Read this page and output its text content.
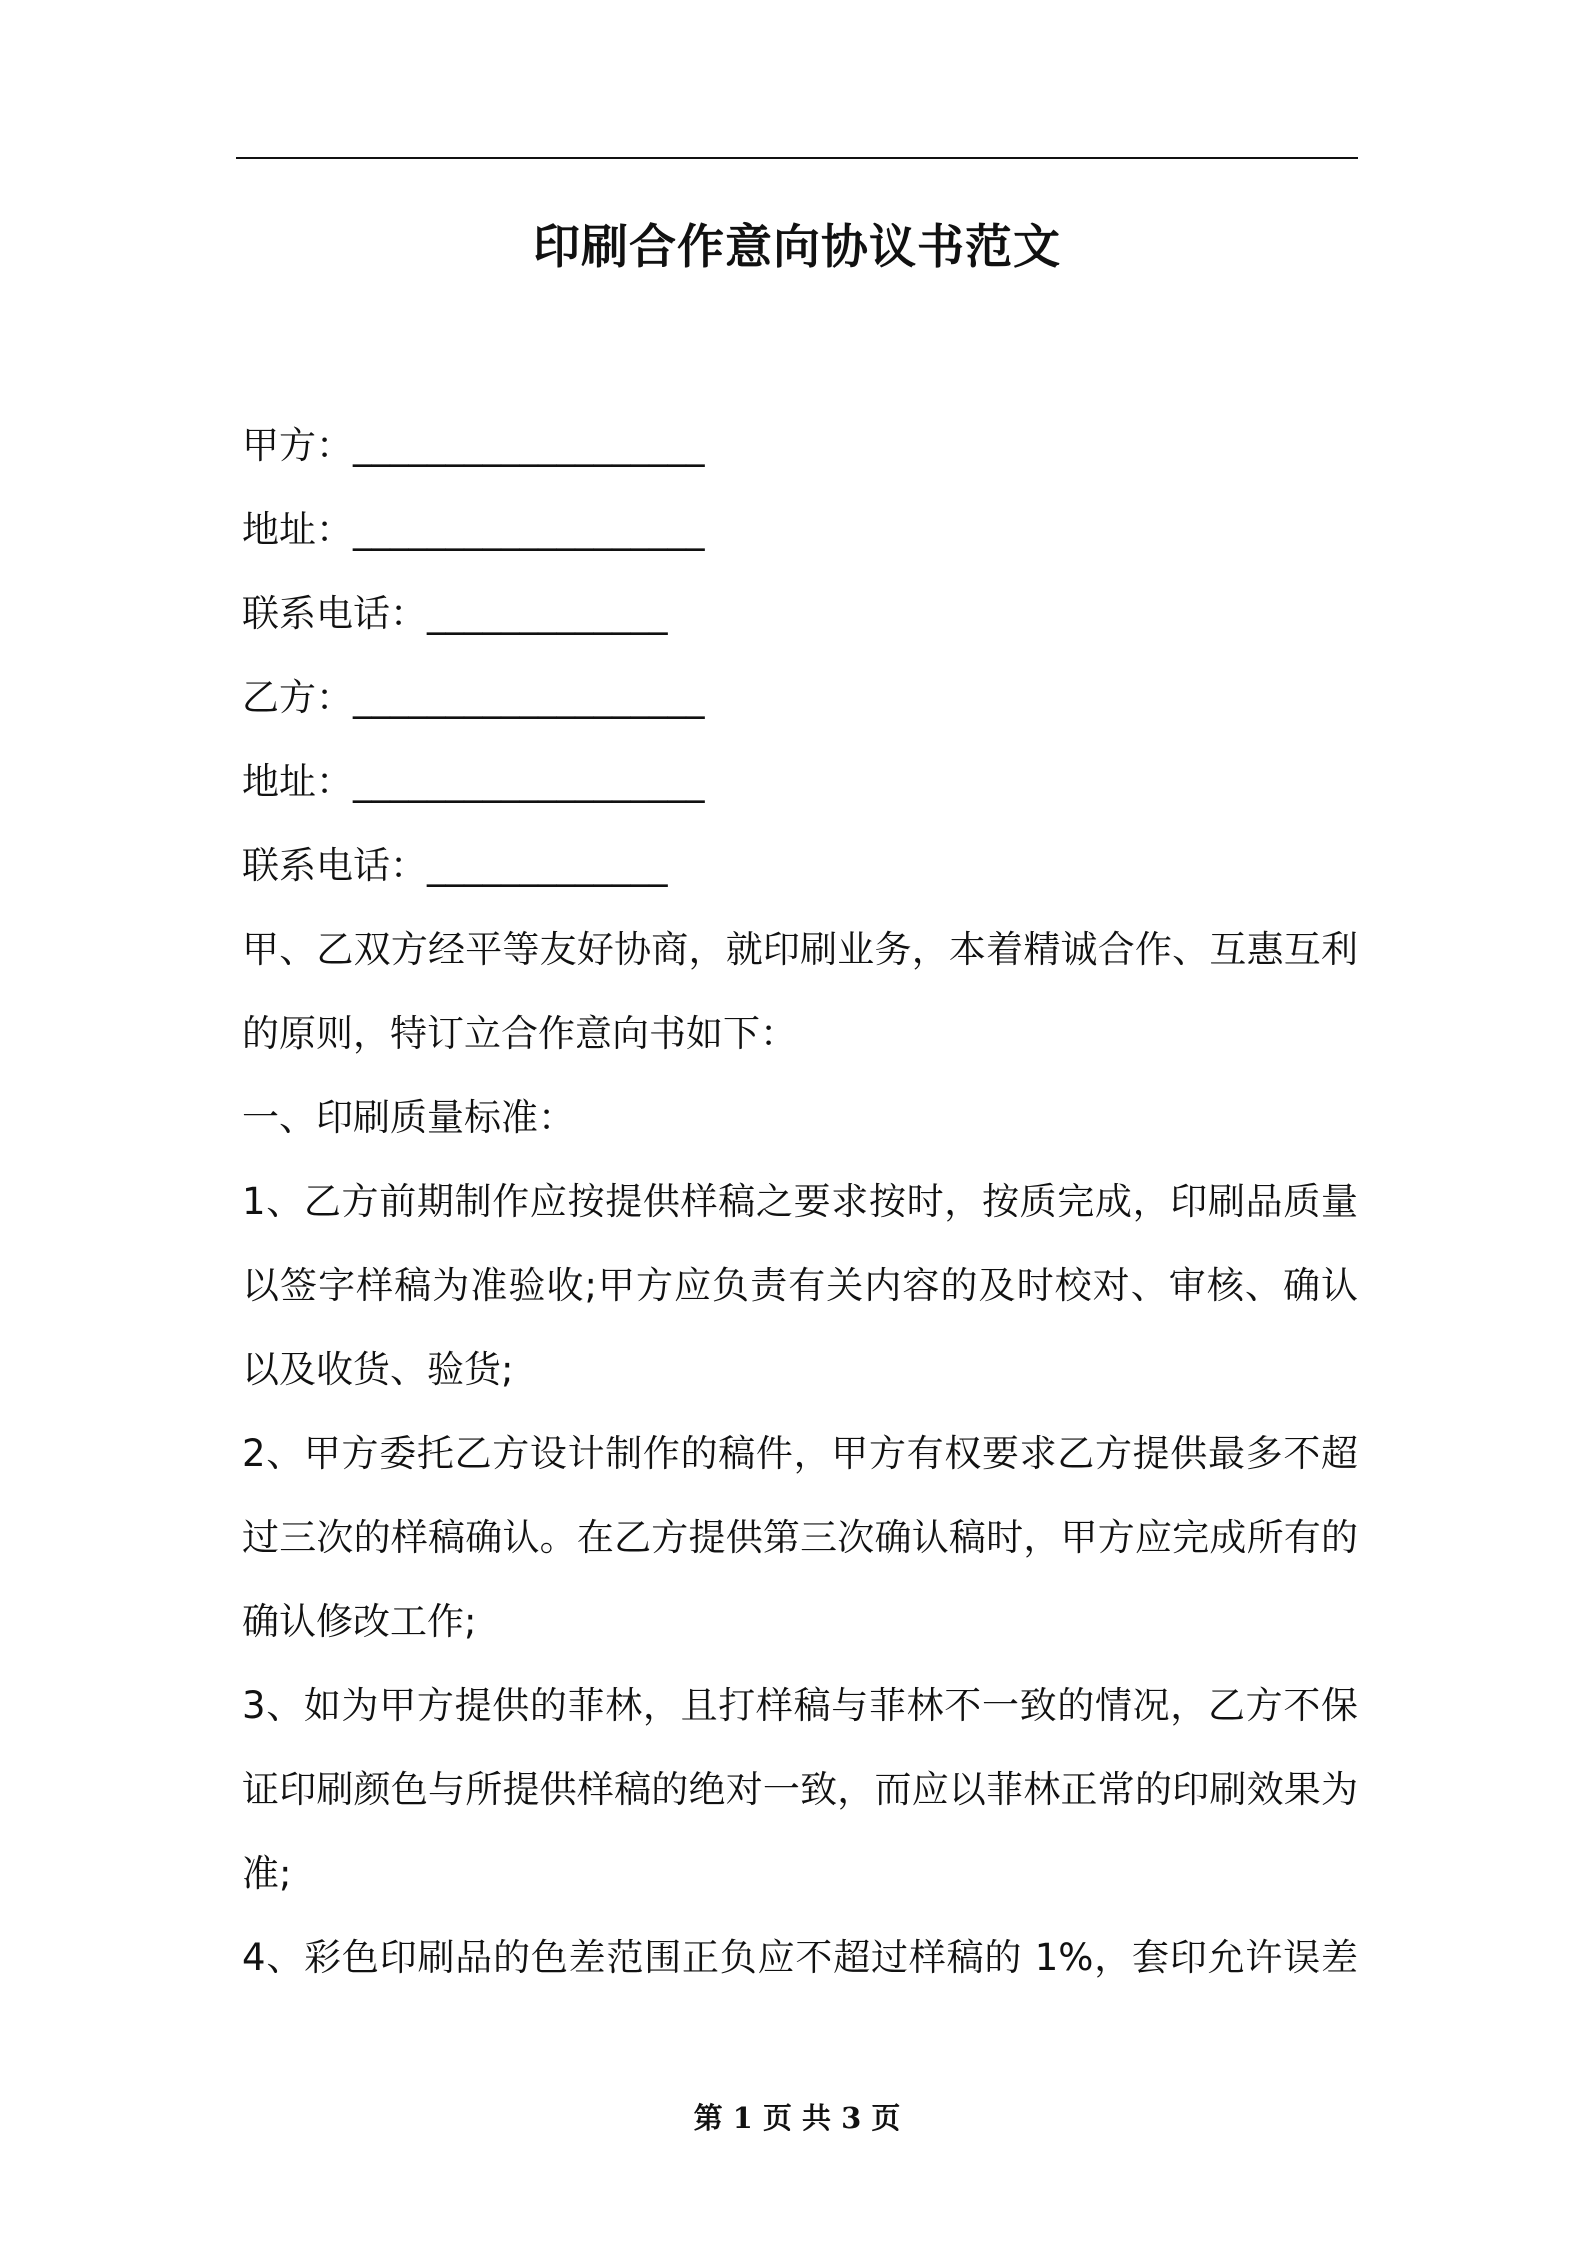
印刷合作意向协议书范文
甲方：___________________
地址：___________________
联系电话：_____________
乙方：___________________
地址：___________________
联系电话：_____________
甲、乙双方经平等友好协商，就印刷业务，本着精诚合作、互惠互利
的原则，特订立合作意向书如下：
一、印刷质量标准：
1、乙方前期制作应按提供样稿之要求按时，按质完成，印刷品质量
以签字样稿为准验收;甲方应负责有关内容的及时校对、审核、确认
以及收货、验货;
2、甲方委托乙方设计制作的稿件，甲方有权要求乙方提供最多不超
过三次的样稿确认。在乙方提供第三次确认稿时，甲方应完成所有的
确认修改工作;
3、如为甲方提供的菲林，且打样稿与菲林不一致的情况，乙方不保
证印刷颜色与所提供样稿的绝对一致，而应以菲林正常的印刷效果为
准;
4、彩色印刷品的色差范围正负应不超过样稿的 1%，套印允许误差
第 1 页 共 3 页
